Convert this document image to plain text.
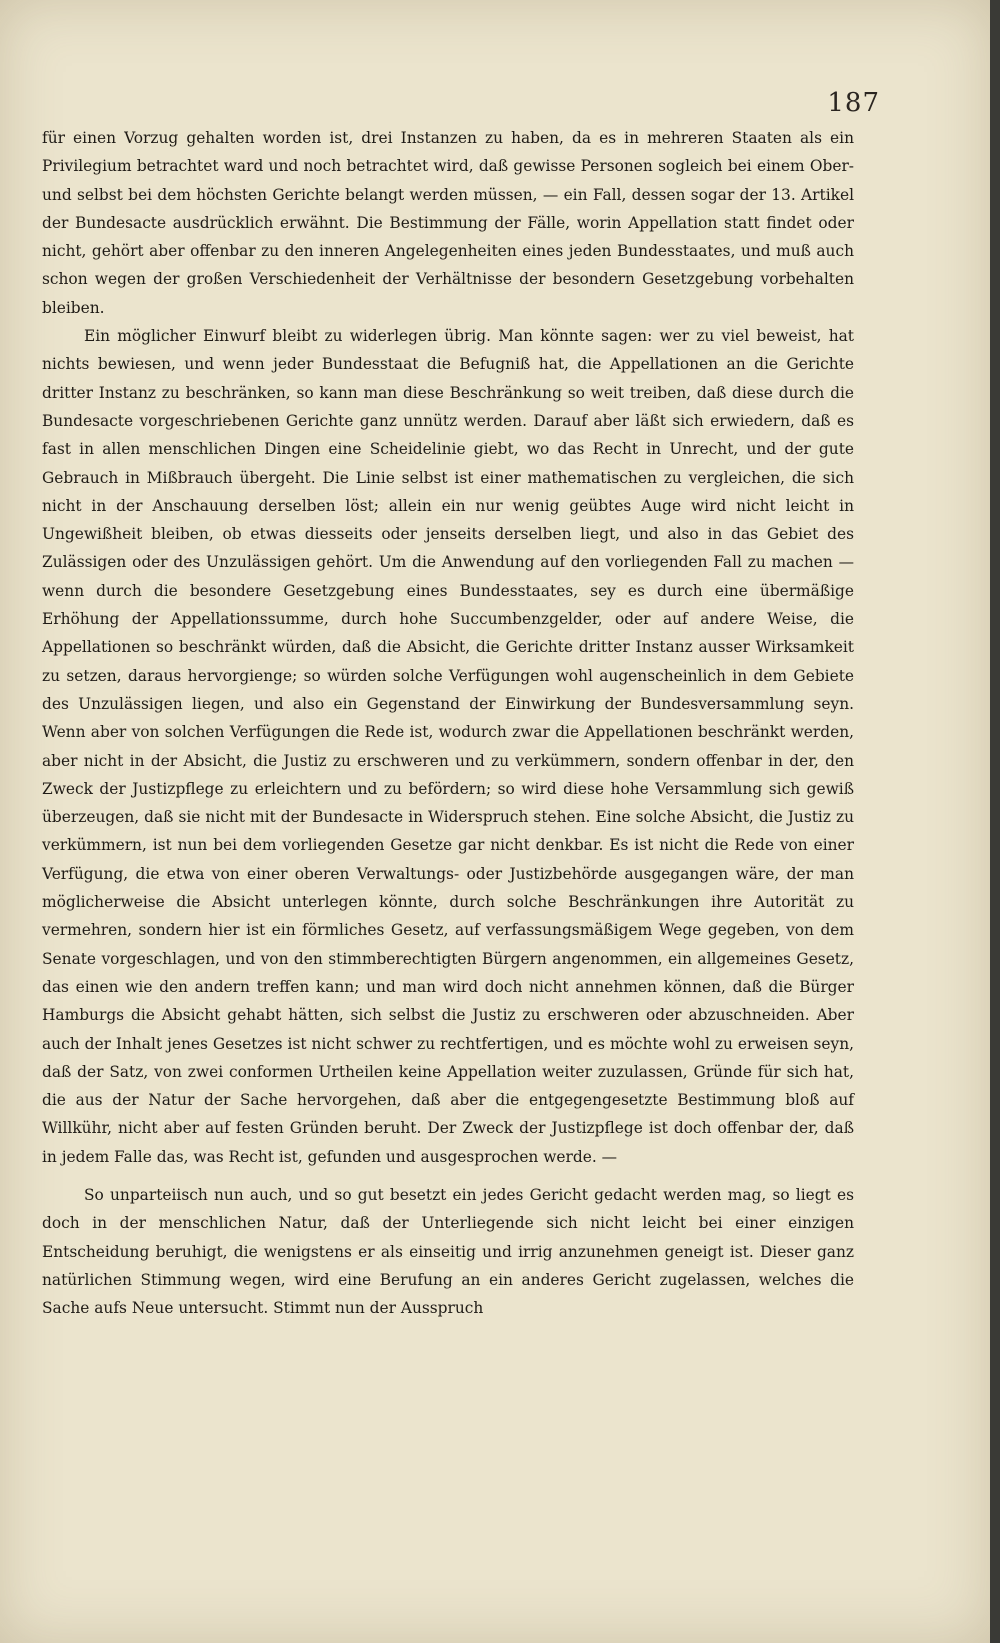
187

für einen Vorzug gehalten worden ist, drei Instanzen zu haben, da es in mehreren Staaten als ein Privilegium betrachtet ward und noch betrachtet wird, daß gewisse Personen sogleich bei einem Ober- und selbst bei dem höchsten Gerichte belangt werden müssen, — ein Fall, dessen sogar der 13. Artikel der Bundesacte ausdrücklich erwähnt. Die Bestimmung der Fälle, worin Appellation statt findet oder nicht, gehört aber offenbar zu den inneren Angelegenheiten eines jeden Bundesstaates, und muß auch schon wegen der großen Verschiedenheit der Verhältnisse der besondern Gesetzgebung vorbehalten bleiben.

Ein möglicher Einwurf bleibt zu widerlegen übrig. Man könnte sagen: wer zu viel beweist, hat nichts bewiesen, und wenn jeder Bundesstaat die Befugniß hat, die Appellationen an die Gerichte dritter Instanz zu beschränken, so kann man diese Beschränkung so weit treiben, daß diese durch die Bundesacte vorgeschriebenen Gerichte ganz unnütz werden. Darauf aber läßt sich erwiedern, daß es fast in allen menschlichen Dingen eine Scheidelinie giebt, wo das Recht in Unrecht, und der gute Gebrauch in Mißbrauch übergeht. Die Linie selbst ist einer mathematischen zu vergleichen, die sich nicht in der Anschauung derselben löst; allein ein nur wenig geübtes Auge wird nicht leicht in Ungewißheit bleiben, ob etwas diesseits oder jenseits derselben liegt, und also in das Gebiet des Zulässigen oder des Unzulässigen gehört. Um die Anwendung auf den vorliegenden Fall zu machen — wenn durch die besondere Gesetzgebung eines Bundesstaates, sey es durch eine übermäßige Erhöhung der Appellationssumme, durch hohe Succumbenzgelder, oder auf andere Weise, die Appellationen so beschränkt würden, daß die Absicht, die Gerichte dritter Instanz ausser Wirksamkeit zu setzen, daraus hervorgienge; so würden solche Verfügungen wohl augenscheinlich in dem Gebiete des Unzulässigen liegen, und also ein Gegenstand der Einwirkung der Bundesversammlung seyn. Wenn aber von solchen Verfügungen die Rede ist, wodurch zwar die Appellationen beschränkt werden, aber nicht in der Absicht, die Justiz zu erschweren und zu verkümmern, sondern offenbar in der, den Zweck der Justizpflege zu erleichtern und zu befördern; so wird diese hohe Versammlung sich gewiß überzeugen, daß sie nicht mit der Bundesacte in Widerspruch stehen. Eine solche Absicht, die Justiz zu verkümmern, ist nun bei dem vorliegenden Gesetze gar nicht denkbar. Es ist nicht die Rede von einer Verfügung, die etwa von einer oberen Verwaltungs- oder Justizbehörde ausgegangen wäre, der man möglicherweise die Absicht unterlegen könnte, durch solche Beschränkungen ihre Autorität zu vermehren, sondern hier ist ein förmliches Gesetz, auf verfassungsmäßigem Wege gegeben, von dem Senate vorgeschlagen, und von den stimmberechtigten Bürgern angenommen, ein allgemeines Gesetz, das einen wie den andern treffen kann; und man wird doch nicht annehmen können, daß die Bürger Hamburgs die Absicht gehabt hätten, sich selbst die Justiz zu erschweren oder abzuschneiden. Aber auch der Inhalt jenes Gesetzes ist nicht schwer zu rechtfertigen, und es möchte wohl zu erweisen seyn, daß der Satz, von zwei conformen Urtheilen keine Appellation weiter zuzulassen, Gründe für sich hat, die aus der Natur der Sache hervorgehen, daß aber die entgegengesetzte Bestimmung bloß auf Willkühr, nicht aber auf festen Gründen beruht. Der Zweck der Justizpflege ist doch offenbar der, daß in jedem Falle das, was Recht ist, gefunden und ausgesprochen werde. —

So unpartеiisch nun auch, und so gut besetzt ein jedes Gericht gedacht werden mag, so liegt es doch in der menschlichen Natur, daß der Unterliegende sich nicht leicht bei einer einzigen Entscheidung beruhigt, die wenigstens er als einseitig und irrig anzunehmen geneigt ist. Dieser ganz natürlichen Stimmung wegen, wird eine Berufung an ein anderes Gericht zugelassen, welches die Sache aufs Neue untersucht. Stimmt nun der Ausspruch
